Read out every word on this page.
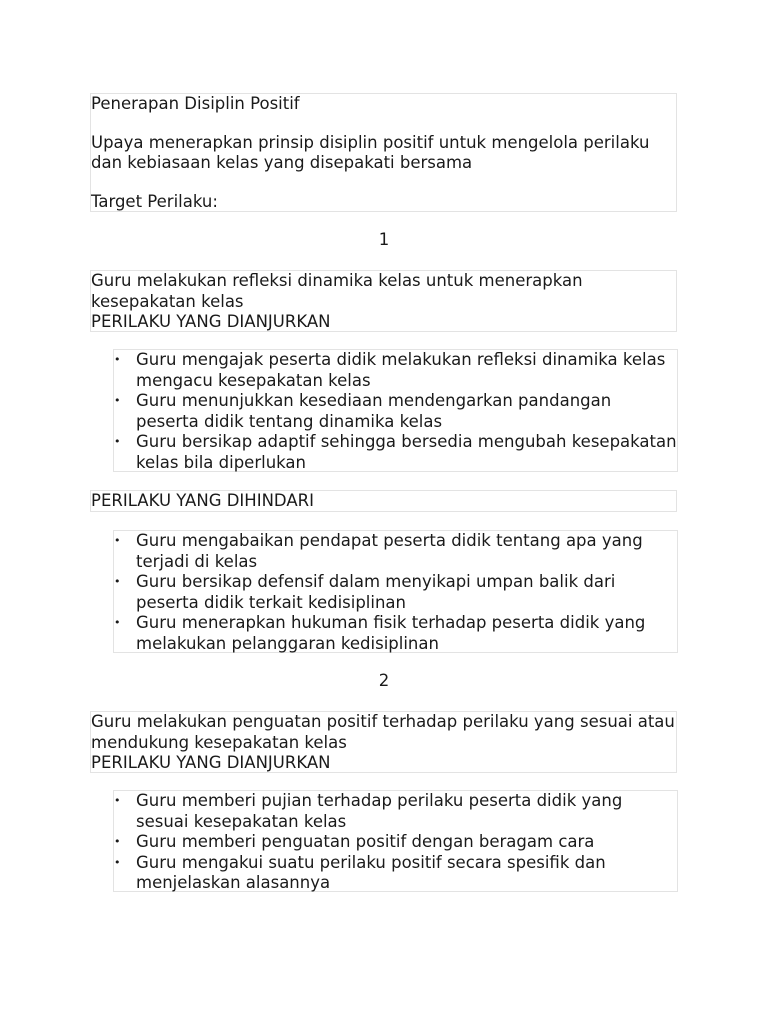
Penerapan Disiplin Positif

Upaya menerapkan prinsip disiplin positif untuk mengelola perilaku dan kebiasaan kelas yang disepakati bersama

Target Perilaku:

1

Guru melakukan refleksi dinamika kelas untuk menerapkan kesepakatan kelas

PERILAKU YANG DIANJURKAN

• Guru mengajak peserta didik melakukan refleksi dinamika kelas mengacu kesepakatan kelas
• Guru menunjukkan kesediaan mendengarkan pandangan peserta didik tentang dinamika kelas
• Guru bersikap adaptif sehingga bersedia mengubah kesepakatan kelas bila diperlukan

PERILAKU YANG DIHINDARI

• Guru mengabaikan pendapat peserta didik tentang apa yang terjadi di kelas
• Guru bersikap defensif dalam menyikapi umpan balik dari peserta didik terkait kedisiplinan
• Guru menerapkan hukuman fisik terhadap peserta didik yang melakukan pelanggaran kedisiplinan
2

Guru melakukan penguatan positif terhadap perilaku yang sesuai atau mendukung kesepakatan kelas

PERILAKU YANG DIANJURKAN

• Guru memberi pujian terhadap perilaku peserta didik yang sesuai kesepakatan kelas
• Guru memberi penguatan positif dengan beragam cara
• Guru mengakui suatu perilaku positif secara spesifik dan menjelaskan alasannya
